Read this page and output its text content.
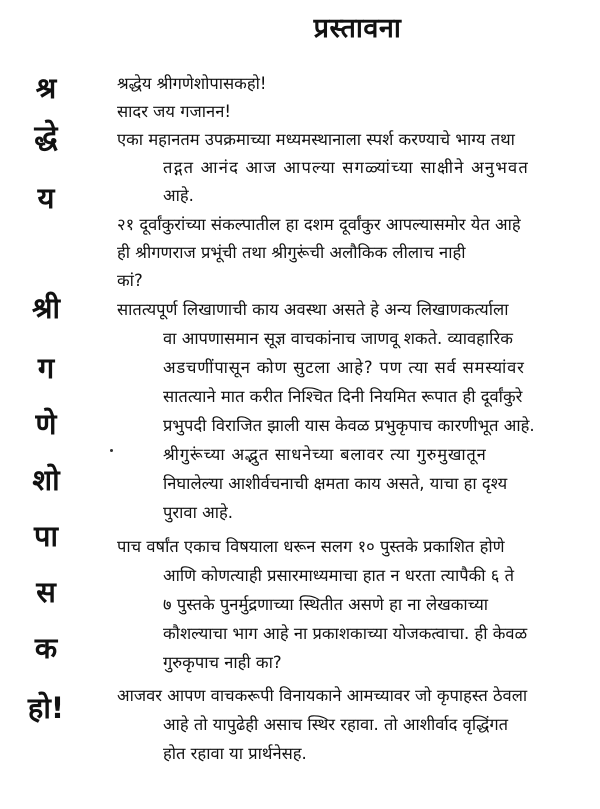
प्रस्तावना
श्र
द्धे
य
श्री
ग
णे
शो
पा
स
क
हो!
श्रद्धेय श्रीगणेशोपासकहो!
सादर जय गजानन!
एका महानतम उपक्रमाच्या मध्यमस्थानाला स्पर्श करण्याचे भाग्य तथा
तद्गत आनंद आज आपल्या सगळ्यांच्या साक्षीने अनुभवत
आहे.
२१ दूर्वांकुरांच्या संकल्पातील हा दशम दूर्वांकुर आपल्यासमोर येत आहे
ही श्रीगणराज प्रभूंची तथा श्रीगुरूंची अलौकिक लीलाच नाही
कां?
सातत्यपूर्ण लिखाणाची काय अवस्था असते हे अन्य लिखाणकर्त्याला
वा आपणासमान सूज्ञ वाचकांनाच जाणवू शकते. व्यावहारिक
अडचणींपासून कोण सुटला आहे? पण त्या सर्व समस्यांवर
सातत्याने मात करीत निश्चित दिनी नियमित रूपात ही दूर्वांकुरे
प्रभुपदी विराजित झाली यास केवळ प्रभुकृपाच कारणीभूत आहे.
श्रीगुरूंच्या अद्भुत साधनेच्या बलावर त्या गुरुमुखातून
निघालेल्या आशीर्वचनाची क्षमता काय असते, याचा हा दृश्य
पुरावा आहे.
पाच वर्षांत एकाच विषयाला धरून सलग १० पुस्तके प्रकाशित होणे
आणि कोणत्याही प्रसारमाध्यमाचा हात न धरता त्यापैकी ६ ते
७ पुस्तके पुनर्मुद्रणाच्या स्थितीत असणे हा ना लेखकाच्या
कौशल्याचा भाग आहे ना प्रकाशकाच्या योजकत्वाचा. ही केवळ
गुरुकृपाच नाही का?
आजवर आपण वाचकरूपी विनायकाने आमच्यावर जो कृपाहस्त ठेवला
आहे तो यापुढेही असाच स्थिर रहावा. तो आशीर्वाद वृद्धिंगत
होत रहावा या प्रार्थनेसह.
